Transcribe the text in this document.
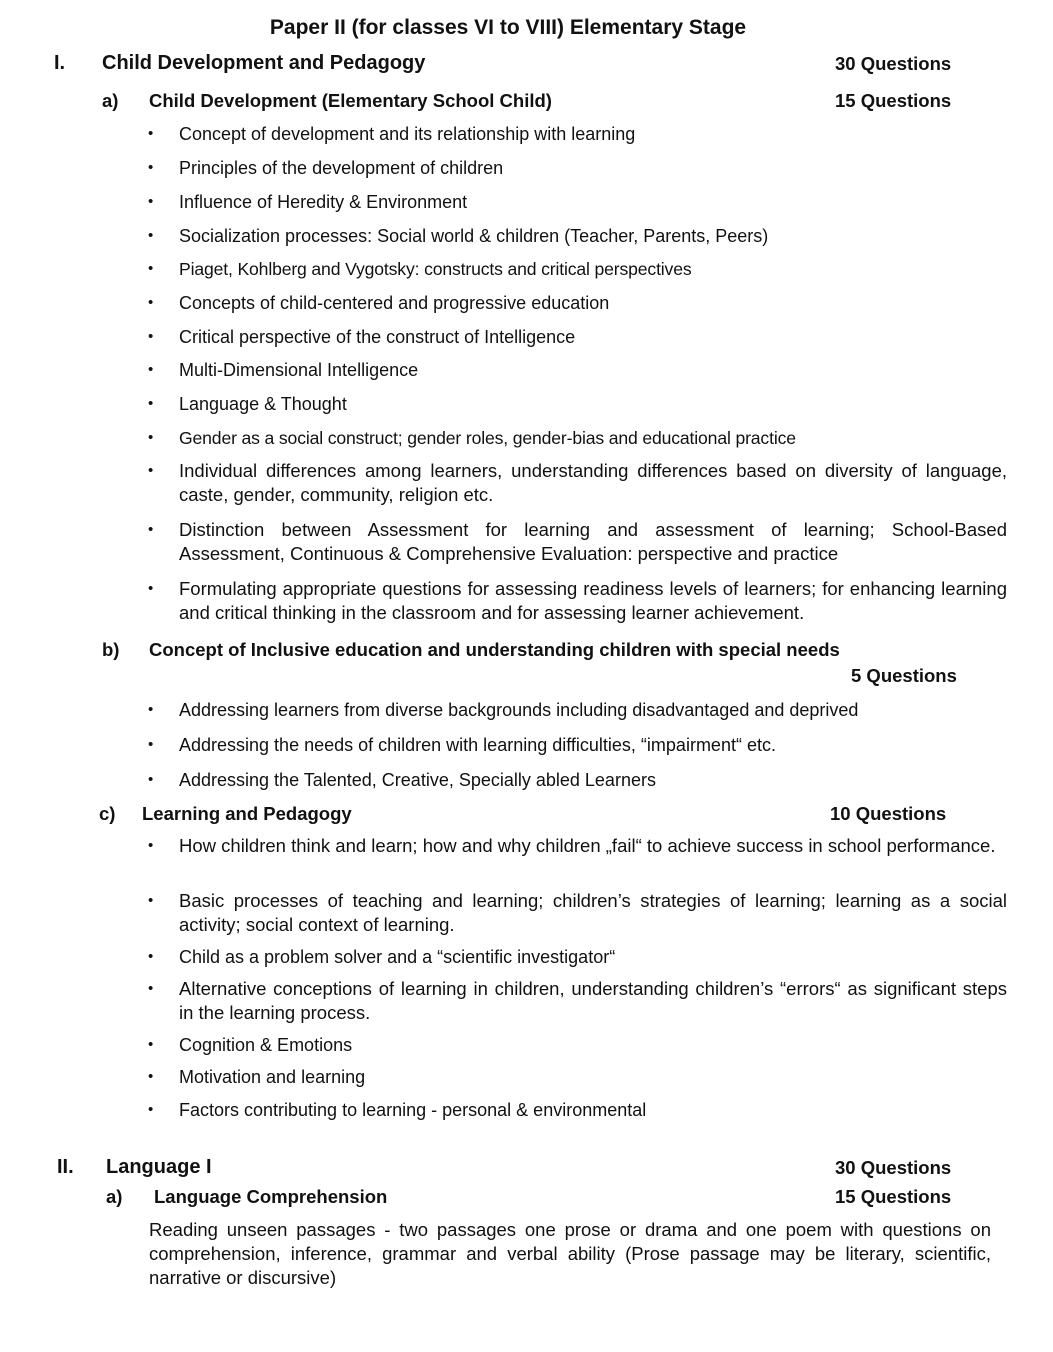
Paper II (for classes VI to VIII) Elementary Stage
I. Child Development and Pedagogy	30 Questions
a) Child Development (Elementary School Child)	15 Questions
• Concept of development and its relationship with learning
• Principles of the development of children
• Influence of Heredity & Environment
• Socialization processes: Social world & children (Teacher, Parents, Peers)
• Piaget, Kohlberg and Vygotsky: constructs and critical perspectives
• Concepts of child-centered and progressive education
• Critical perspective of the construct of Intelligence
• Multi-Dimensional Intelligence
• Language & Thought
• Gender as a social construct; gender roles, gender-bias and educational practice
• Individual differences among learners, understanding differences based on diversity of language, caste, gender, community, religion etc.
• Distinction between Assessment for learning and assessment of learning; School-Based Assessment, Continuous & Comprehensive Evaluation: perspective and practice
• Formulating appropriate questions for assessing readiness levels of learners; for enhancing learning and critical thinking in the classroom and for assessing learner achievement.
b) Concept of Inclusive education and understanding children with special needs
5 Questions
• Addressing learners from diverse backgrounds including disadvantaged and deprived
• Addressing the needs of children with learning difficulties, “impairment“ etc.
• Addressing the Talented, Creative, Specially abled Learners
c) Learning and Pedagogy	10 Questions
• How children think and learn; how and why children „fail“ to achieve success in school performance.
• Basic processes of teaching and learning; children’s strategies of learning; learning as a social activity; social context of learning.
• Child as a problem solver and a “scientific investigator“
• Alternative conceptions of learning in children, understanding children’s “errors“ as significant steps in the learning process.
• Cognition & Emotions
• Motivation and learning
• Factors contributing to learning - personal & environmental
II. Language I	30 Questions
a) Language Comprehension	15 Questions
Reading unseen passages - two passages one prose or drama and one poem with questions on comprehension, inference, grammar and verbal ability (Prose passage may be literary, scientific, narrative or discursive)
